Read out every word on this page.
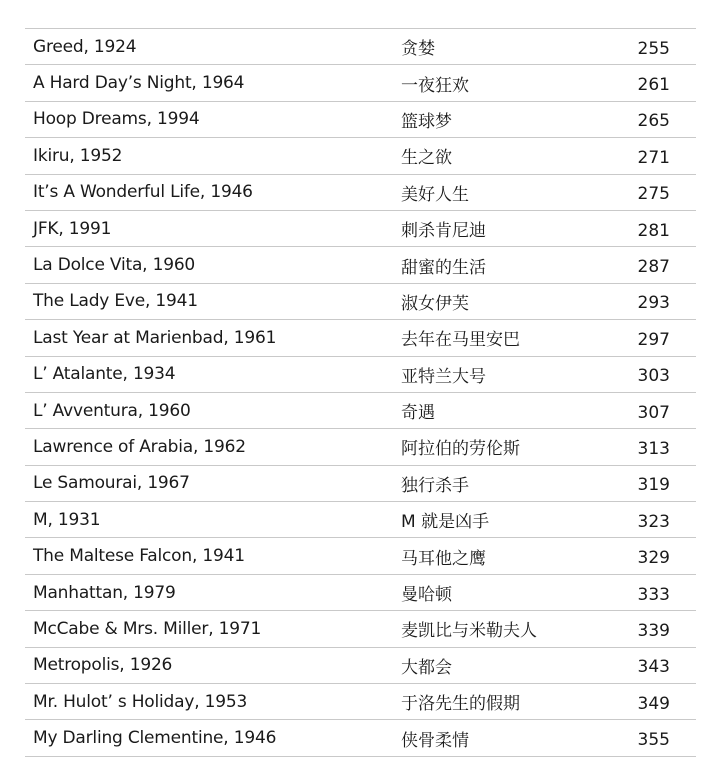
Greed, 1924	贪婪	255
A Hard Day’s Night, 1964	一夜狂欢	261
Hoop Dreams, 1994	篮球梦	265
Ikiru, 1952	生之欲	271
It’s A Wonderful Life, 1946	美好人生	275
JFK, 1991	刺杀肯尼迪	281
La Dolce Vita, 1960	甜蜜的生活	287
The Lady Eve, 1941	淑女伊芙	293
Last Year at Marienbad, 1961	去年在马里安巴	297
L’ Atalante, 1934	亚特兰大号	303
L’ Avventura, 1960	奇遇	307
Lawrence of Arabia, 1962	阿拉伯的劳伦斯	313
Le Samourai, 1967	独行杀手	319
M, 1931	M 就是凶手	323
The Maltese Falcon, 1941	马耳他之鹰	329
Manhattan, 1979	曼哈顿	333
McCabe & Mrs. Miller, 1971	麦凯比与米勒夫人	339
Metropolis, 1926	大都会	343
Mr. Hulot’ s Holiday, 1953	于洛先生的假期	349
My Darling Clementine, 1946	侠骨柔情	355
